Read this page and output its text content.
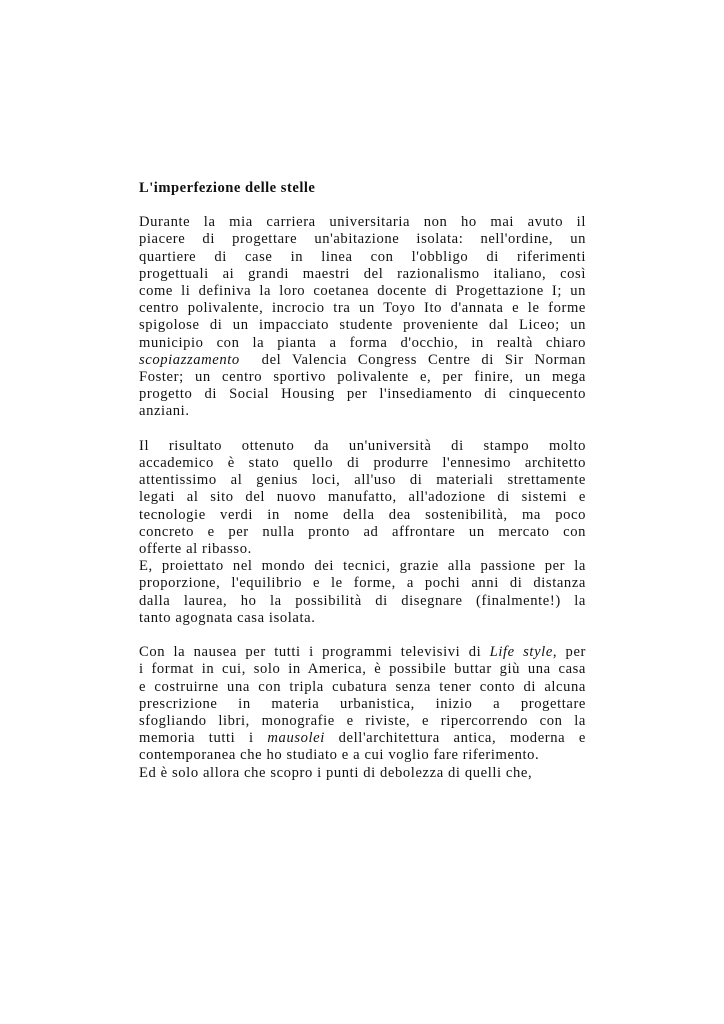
L'imperfezione delle stelle
Durante la mia carriera universitaria non ho mai avuto il
piacere di progettare un'abitazione isolata: nell'ordine, un
quartiere di case in linea con l'obbligo di riferimenti
progettuali ai grandi maestri del razionalismo italiano, così
come li definiva la loro coetanea docente di Progettazione I; un
centro polivalente, incrocio tra un Toyo Ito d'annata e le forme
spigolose di un impacciato studente proveniente dal Liceo; un
municipio con la pianta a forma d'occhio, in realtà chiaro
scopiazzamento del Valencia Congress Centre di Sir Norman
Foster; un centro sportivo polivalente e, per finire, un mega
progetto di Social Housing per l'insediamento di cinquecento
anziani.
Il risultato ottenuto da un'università di stampo molto
accademico è stato quello di produrre l'ennesimo architetto
attentissimo al genius loci, all'uso di materiali strettamente
legati al sito del nuovo manufatto, all'adozione di sistemi e
tecnologie verdi in nome della dea sostenibilità, ma poco
concreto e per nulla pronto ad affrontare un mercato con
offerte al ribasso.
E, proiettato nel mondo dei tecnici, grazie alla passione per la
proporzione, l'equilibrio e le forme, a pochi anni di distanza
dalla laurea, ho la possibilità di disegnare (finalmente!) la
tanto agognata casa isolata.
Con la nausea per tutti i programmi televisivi di Life style, per
i format in cui, solo in America, è possibile buttar giù una casa
e costruirne una con tripla cubatura senza tener conto di alcuna
prescrizione in materia urbanistica, inizio a progettare
sfogliando libri, monografie e riviste, e ripercorrendo con la
memoria tutti i mausolei dell'architettura antica, moderna e
contemporanea che ho studiato e a cui voglio fare riferimento.
Ed è solo allora che scopro i punti di debolezza di quelli che,
